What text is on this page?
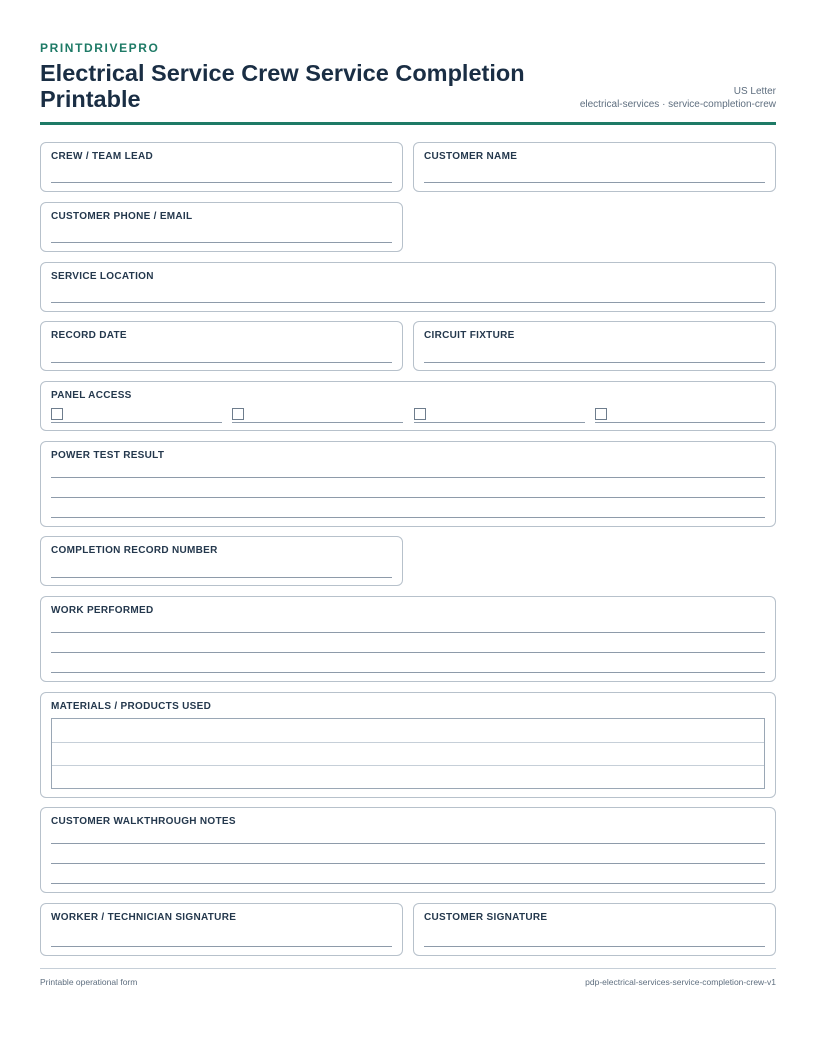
PRINTDRIVEPRO
Electrical Service Crew Service Completion Printable	US Letter
electrical-services · service-completion-crew
CREW / TEAM LEAD	CUSTOMER NAME
CUSTOMER PHONE / EMAIL
SERVICE LOCATION
RECORD DATE	CIRCUIT FIXTURE
PANEL ACCESS
POWER TEST RESULT
COMPLETION RECORD NUMBER
WORK PERFORMED
MATERIALS / PRODUCTS USED
CUSTOMER WALKTHROUGH NOTES
WORKER / TECHNICIAN SIGNATURE	CUSTOMER SIGNATURE
Printable operational form	pdp-electrical-services-service-completion-crew-v1
